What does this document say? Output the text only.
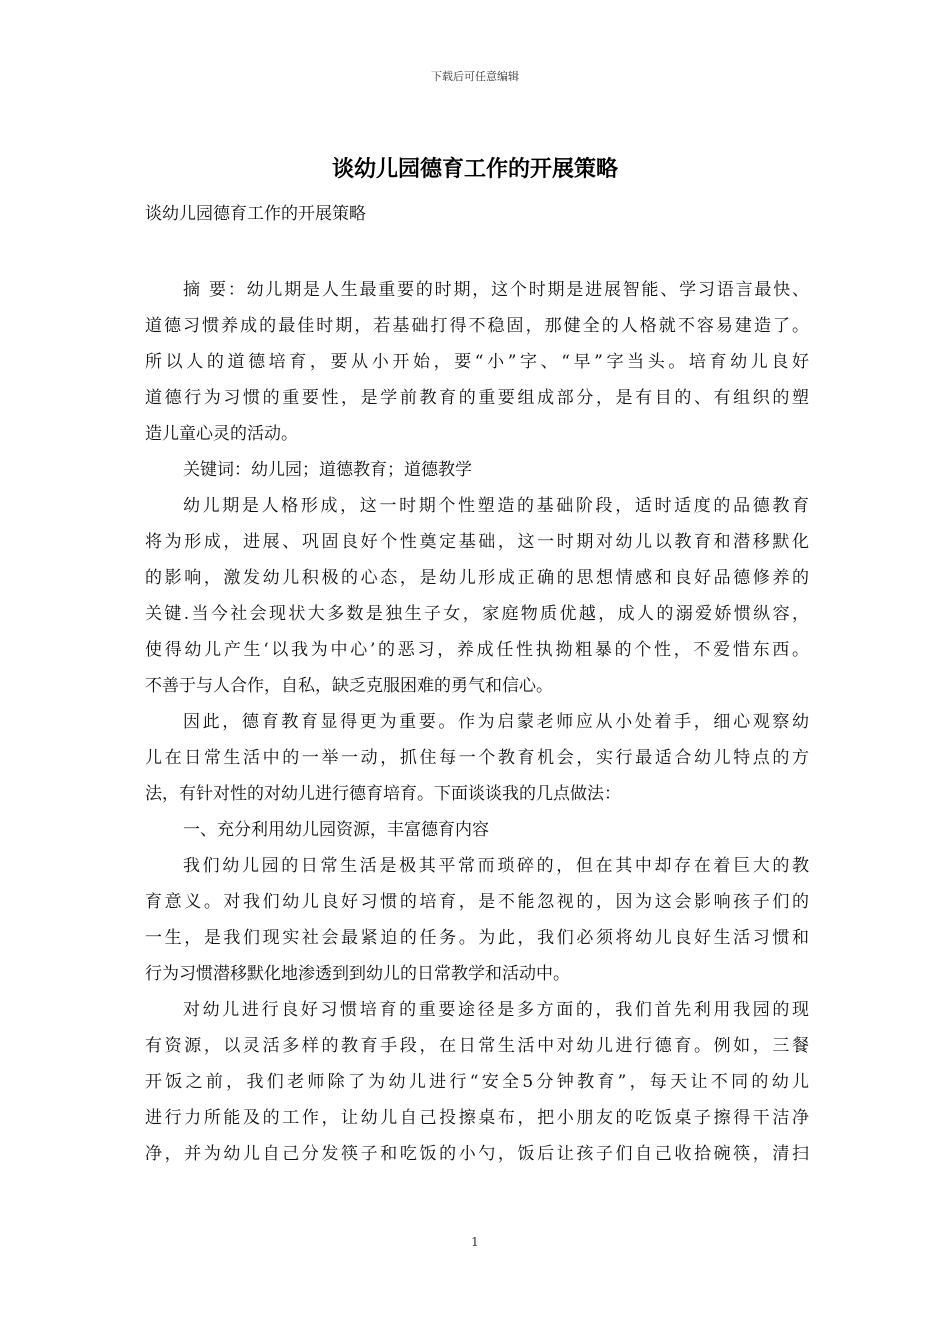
下载后可任意编辑
谈幼儿园德育工作的开展策略
谈幼儿园德育工作的开展策略
摘 要：幼儿期是人生最重要的时期，这个时期是进展智能、学习语言最快、
道德习惯养成的最佳时期，若基础打得不稳固，那健全的人格就不容易建造了。
所以人的道德培育，要从小开始，要“小”字、“早”字当头。培育幼儿良好
道德行为习惯的重要性，是学前教育的重要组成部分，是有目的、有组织的塑
造儿童心灵的活动。
关键词：幼儿园；道德教育；道德教学
幼儿期是人格形成，这一时期个性塑造的基础阶段，适时适度的品德教育
将为形成，进展、巩固良好个性奠定基础，这一时期对幼儿以教育和潜移默化
的影响，激发幼儿积极的心态，是幼儿形成正确的思想情感和良好品德修养的
关键.当今社会现状大多数是独生子女，家庭物质优越，成人的溺爱娇惯纵容，
使得幼儿产生‘以我为中心’的恶习，养成任性执拗粗暴的个性，不爱惜东西。
不善于与人合作，自私，缺乏克服困难的勇气和信心。
因此，德育教育显得更为重要。作为启蒙老师应从小处着手，细心观察幼
儿在日常生活中的一举一动，抓住每一个教育机会，实行最适合幼儿特点的方
法，有针对性的对幼儿进行德育培育。下面谈谈我的几点做法：
一、充分利用幼儿园资源，丰富德育内容
我们幼儿园的日常生活是极其平常而琐碎的，但在其中却存在着巨大的教
育意义。对我们幼儿良好习惯的培育，是不能忽视的，因为这会影响孩子们的
一生，是我们现实社会最紧迫的任务。为此，我们必须将幼儿良好生活习惯和
行为习惯潜移默化地渗透到到幼儿的日常教学和活动中。
对幼儿进行良好习惯培育的重要途径是多方面的，我们首先利用我园的现
有资源，以灵活多样的教育手段，在日常生活中对幼儿进行德育。例如，三餐
开饭之前，我们老师除了为幼儿进行“安全5分钟教育”，每天让不同的幼儿
进行力所能及的工作，让幼儿自己投擦桌布，把小朋友的吃饭桌子擦得干洁净
净，并为幼儿自己分发筷子和吃饭的小勺，饭后让孩子们自己收拾碗筷，清扫
1
